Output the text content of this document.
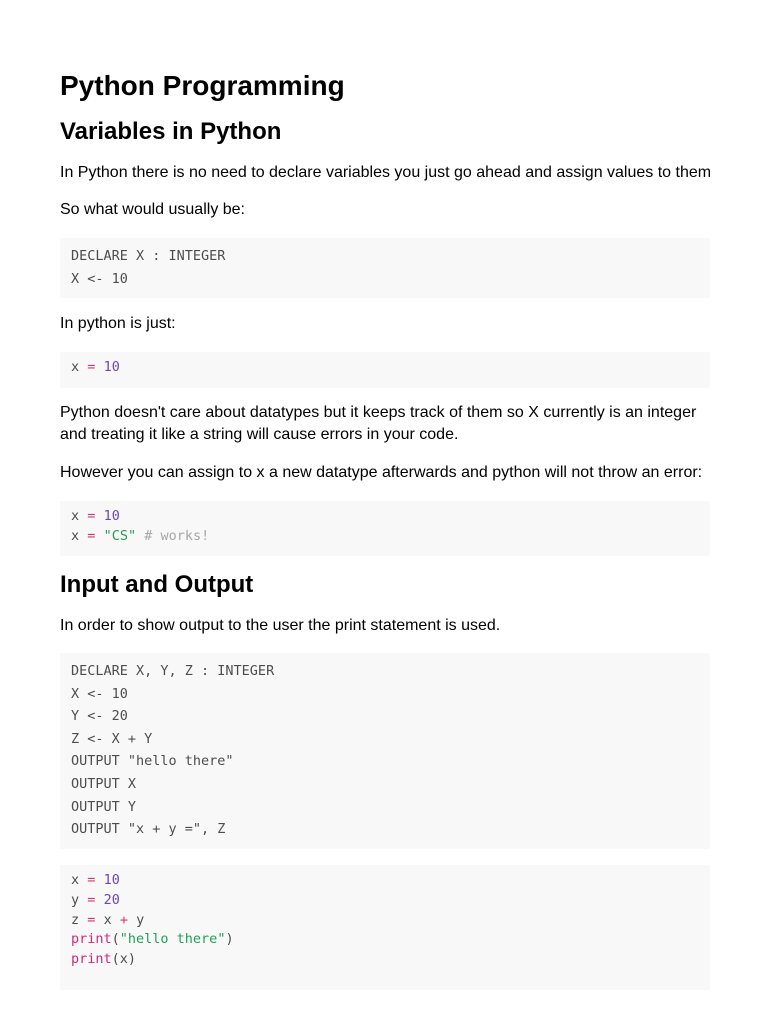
Python Programming
Variables in Python

In Python there is no need to declare variables you just go ahead and assign values to them

So what would usually be:

DECLARE X : INTEGER
X <- 10

In python is just:

x = 10

Python doesn't care about datatypes but it keeps track of them so X currently is an integer and treating it like a string will cause errors in your code.

However you can assign to x a new datatype afterwards and python will not throw an error:

x = 10
x = "CS" # works!
Input and Output

In order to show output to the user the print statement is used.

DECLARE X, Y, Z : INTEGER
X <- 10
Y <- 20
Z <- X + Y
OUTPUT "hello there"
OUTPUT X
OUTPUT Y
OUTPUT "x + y =", Z
x = 10
y = 20
z = x + y
print("hello there")
print(x)
